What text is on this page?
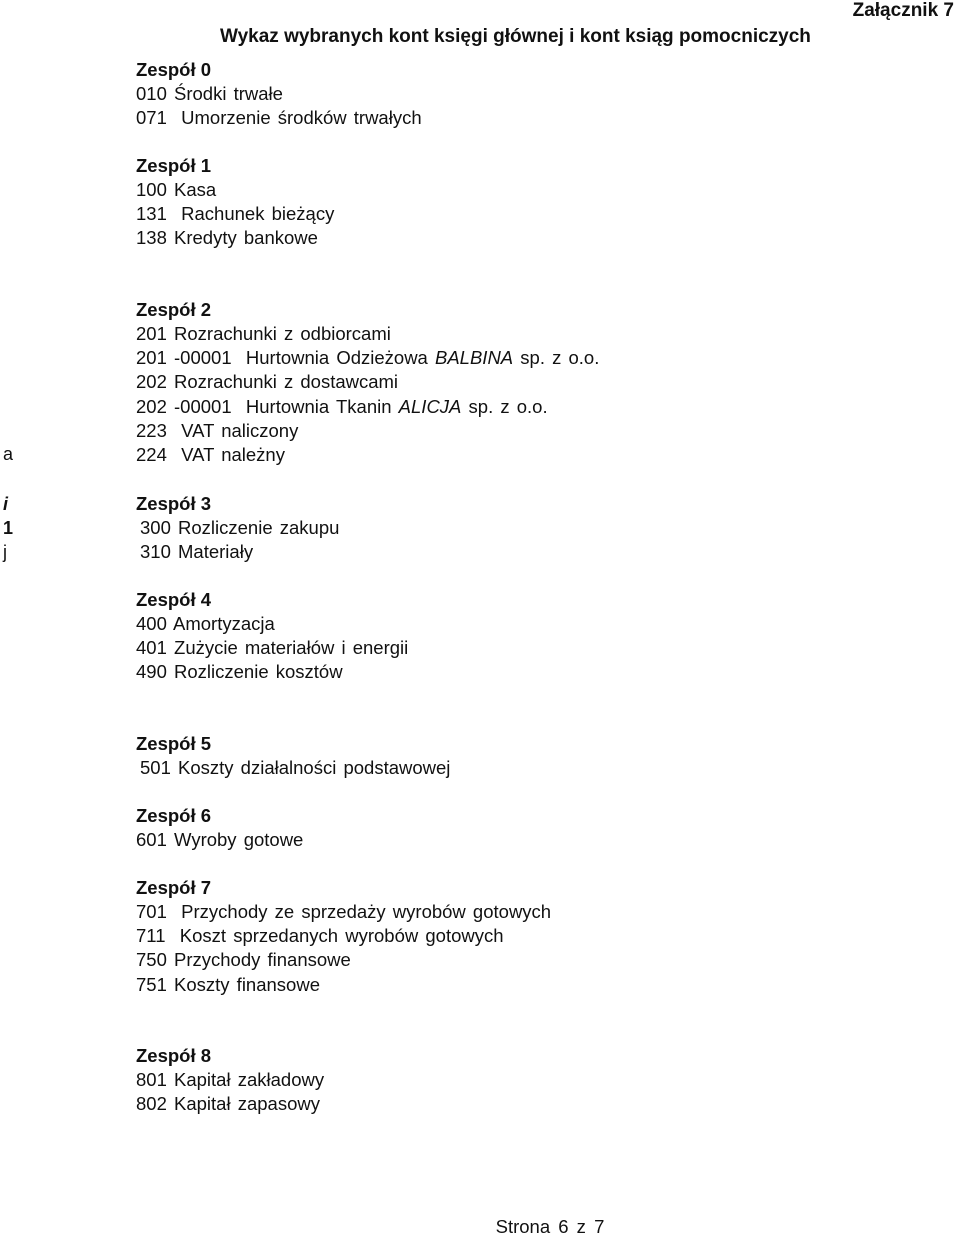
Załącznik 7
Wykaz wybranych kont księgi głównej i kont ksiąg pomocniczych
Zespół 0
010 Środki trwałe
071 Umorzenie środków trwałych
Zespół 1
100 Kasa
131 Rachunek bieżący
138 Kredyty bankowe
Zespół 2
201 Rozrachunki z odbiorcami
201 -00001 Hurtownia Odzieżowa BALBINA sp. z o.o.
202 Rozrachunki z dostawcami
202 -00001 Hurtownia Tkanin ALICJA sp. z o.o.
223 VAT naliczony
224 VAT należny
a
i
1
j
Zespół 3
300 Rozliczenie zakupu
310 Materiały
Zespół 4
400 Amortyzacja
401 Zużycie materiałów i energii
490 Rozliczenie kosztów
Zespół 5
501 Koszty działalności podstawowej
Zespół 6
601 Wyroby gotowe
Zespół 7
701 Przychody ze sprzedaży wyrobów gotowych
711 Koszt sprzedanych wyrobów gotowych
750 Przychody finansowe
751 Koszty finansowe
Zespół 8
801 Kapitał zakładowy
802 Kapitał zapasowy
Strona 6 z 7
